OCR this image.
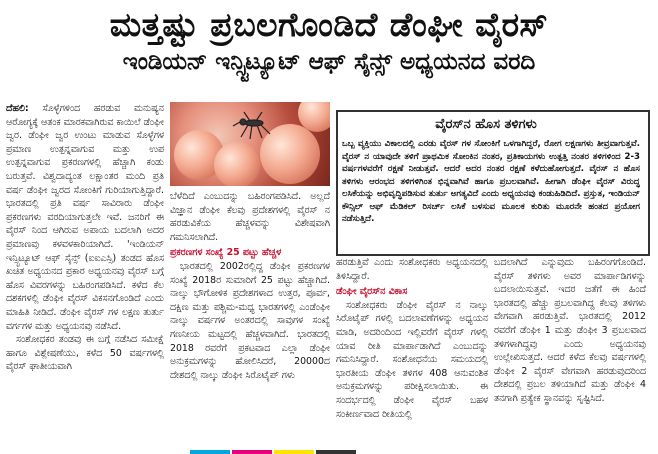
ಮತ್ತಷ್ಟು ಪ್ರಬಲಗೊಂಡಿದೆ ಡೆಂಘೀ ವೈರಸ್
ಇಂಡಿಯನ್ ಇನ್ಸ್ಟಿಟ್ಯೂಟ್ ಆಫ್ ಸೈನ್ಸ್ ಅಧ್ಯಯನದ ವರದಿ

ದೆಹಲಿ: ಸೊಳ್ಳೆಗಳಿಂದ ಹರಡುವ ಮನುಷ್ಯನ ಆರೋಗ್ಯಕ್ಕೆ ಆತಂಕ ಮಾರಕವಾಗಿರುವ ಕಾಯಿಲೆ ಡೆಂಘೀ ಜ್ವರ. ಡೆಂಘೀ ಜ್ವರ ಉಂಟು ಮಾಡುವ ಸೊಳ್ಳೆಗಳ ಪ್ರಮಾಣ ಉತ್ಪನ್ನವಾಗುವ ಮತ್ತು ಉಪ ಉತ್ಪನ್ನವಾಗುವ ಪ್ರಕರಣಗಳಲ್ಲಿ ಹೆಚ್ಚಾಗಿ ಕಂಡು ಬರುತ್ತವೆ. ವಿಶ್ವದಾದ್ಯಂತ ಲಕ್ಷಾಂತರ ಮಂದಿ ಪ್ರತಿ ವರ್ಷ ಡೆಂಘೀ ಜ್ವರದ ಸೋಂಕಿಗೆ ಗುರಿಯಾಗುತ್ತಿದ್ದಾರೆ. ಭಾರತದಲ್ಲಿ ಪ್ರತಿ ವರ್ಷ ಸಾವಿರಾರು ಡೆಂಘೀ ಪ್ರಕರಣಗಳು ವರದಿಯಾಗುತ್ತಲೇ ಇವೆ. ಜನರಿಗೆ ಈ ವೈರಸ್ ನಿಂದ ಆಗಿರುವ ಅಪಾಯ ಬದಲಾಗಿ ಅದರ ಪ್ರಮಾಣವು ಕಳವಳಕಾರಿಯಾಗಿದೆ. 'ಇಂಡಿಯನ್ ಇನ್ಸ್ಟಿಟ್ಯೂಟ್ ಆಫ್ ಸೈನ್ಸ್ (ಐಐಎಸ್ಸಿ) ತಂಡದ ಹೊಸ ಖಚಿತ ಅಧ್ಯಯನದ ಪ್ರಕಾರ ಅಧ್ಯಯನವು ವೈರಸ್ ಬಗ್ಗೆ ಹೊಸ ವಿವರಗಳನ್ನು ಬಹಿರಂಗಪಡಿಸಿದೆ. ಕಳೆದ ಕೆಲ ದಶಕಗಳಲ್ಲಿ ಡೆಂಘೀ ವೈರಸ್ ವಿಕಸನಗೊಂಡಿದೆ ಎಂದು ಮಾಹಿತಿ ನೀಡಿದೆ. ಡೆಂಘೀ ವೈರಸ್ ಗಳ ಲಕ್ಷಣ ತುರ್ತು ವರ್ಗಗಳ ಮತ್ತು ಅಧ್ಯಯನವು ನಡೆಸಿದೆ.

ಸಂಶೋಧಕರ ತಂಡವು ಈ ಬಗ್ಗೆ ನಡೆಸಿದ ಸಮೀಕ್ಷೆ ಹಾಗೂ ವಿಶ್ಲೇಷಣೆಯು, ಕಳೆದ 50 ವರ್ಷಗಳಲ್ಲಿ ವೈರಸ್ ಘಾತೀಯವಾಗಿ

ಬೆಳೆದಿದೆ ಎಂಬುದನ್ನು ಬಹಿರಂಗಪಡಿಸಿದೆ. ಅಲ್ಲದೆ ವಿಜ್ಞಾನ ಡೆಂಘೀ ಕೆಲವು ಪ್ರದೇಶಗಳಲ್ಲಿ ವೈರಸ್ ನ ಹರಡುವಿಕೆಯ ಹೆಚ್ಚಳವನ್ನು ವಿಶೇಷವಾಗಿ ಗಮನಿಸಲಾಗಿದೆ.

ಪ್ರಕರಣಗಳ ಸಂಖ್ಯೆ 25 ಪಟ್ಟು ಹೆಚ್ಚಳ

ಭಾರತದಲ್ಲಿ 2002ರಲ್ಲಿದ್ದ ಡೆಂಘೀ ಪ್ರಕರಣಗಳ ಸಂಖ್ಯೆ 2018ರ ಸುಮಾರಿಗೆ 25 ಪಟ್ಟು ಹೆಚ್ಚಾಗಿದೆ. ನಾಲ್ಕು ಭೌಗೋಳಿಕ ಪ್ರದೇಶಗಳಾದ ಉತ್ತರ, ಪೂರ್ವ, ದಕ್ಷಿಣ ಮತ್ತು ಪಶ್ಚಿಮ-ಮಧ್ಯ ಭಾರತಗಳಲ್ಲಿ ಎಂಡೆಂಘೀ ನಾಲ್ಕು ವರ್ಷಗಳ ಅಂತರದಲ್ಲಿ ಸಾವುಗಳ ಸಂಖ್ಯೆ ಗಣನೀಯ ಮಟ್ಟದಲ್ಲಿ ಹೆಚ್ಚಳವಾಗಿದೆ. ಭಾರತದಲ್ಲಿ 2018 ರವರೆಗೆ ಪ್ರಕಟವಾದ ಎಲ್ಲಾ ಡೆಂಘೀ ಅನುಕ್ರಮಗಳನ್ನು ಹೋಲಿಸಿದರೆ, 20000ದ ದೇಶದಲ್ಲಿ ನಾಲ್ಕು ಡೆಂಘೀ ಸಿರೊಟೈಪ್ ಗಳು

ವೈರಸ್‌ನ ಹೊಸ ತಳಿಗಳು
ಒಬ್ಬ ವ್ಯಕ್ತಿಯು ವಿಕಾಲದಲ್ಲಿ ಎರಡು ವೈರಸ್ ಗಳ ಸೋಂಕಿಗೆ ಒಳಗಾಗಿದ್ದರೆ, ರೋಗ ಲಕ್ಷಣಗಳು ತೀವ್ರವಾಗುತ್ತವೆ. ವೈರಸ್ ನ ಯಾವುದೇ ತಳಿಗೆ ಪ್ರಾಥಮಿಕ ಸೋಂಕಿನ ನಂತರ, ಪ್ರತಿಕಾಯಗಳು ಉತ್ಪತ್ತಿ ನಂತರ ತಳಿಗಳಿಂದ 2-3 ವರ್ಷಗಳವರೆಗೆ ರಕ್ಷಣೆ ನೀಡುತ್ತವೆ. ಆದರೆ ಅದರ ನಂತರ ರಕ್ಷಣೆ ಕಳೆದುಹೋಗುತ್ತದೆ. ವೈರಸ್ ನ ಹೊಸ ತಳಿಗಳು ಆರಂಭದ ತಳಿಗಳಿಗಿಂತ ಭಿನ್ನವಾಗಿವೆ ಹಾಗೂ ಪ್ರಬಲವಾಗಿವೆ. ಹೀಗಾಗಿ ಡೆಂಘೀ ವೈರಸ್ ವಿರುದ್ಧ ಲಸಿಕೆಯನ್ನು ಅಭಿವೃದ್ಧಿಪಡಿಸುವ ತುರ್ತು ಅಗತ್ಯವಿದೆ ಎಂದು ಅಧ್ಯಯನವು ಕಂಡುಹಿಡಿದಿದೆ. ಪ್ರಸ್ತುತ, ಇಂಡಿಯನ್ ಕೌನ್ಸಿಲ್ ಆಫ್ ಮೆಡಿಕಲ್ ರಿಸರ್ಚ್ ಲಸಿಕೆ ಬಳಸುವ ಮೂಲಕ ಕುರಿತು ಮೂರನೇ ಹಂತದ ಪ್ರಯೋಗ ನಡೆಸುತ್ತಿದೆ.

ಹರಡುತ್ತಿವೆ ಎಂದು ಸಂಶೋಧಕರು ಅಧ್ಯಯನದಲ್ಲಿ ತಿಳಿಸಿದ್ದಾರೆ.

ಡೆಂಘೀ ವೈರಸ್‌ನ ವಿಕಾಸ

ಸಂಶೋಧಕರು ಡೆಂಘೀ ವೈರಸ್ ನ ನಾಲ್ಕು ಸಿರೊಟೈಪ್ ಗಳಲ್ಲಿ ಬದಲಾವಣೆಗಳನ್ನು ಅಧ್ಯಯನ ಮಾಡಿ, ಅದರಿಂದಿಂದ ಇಲ್ಲಿವರೆಗೆ ವೈರಸ್ ಗಳಲ್ಲಿ ಯಾವ ರೀತಿ ಮಾರ್ಪಾಡಾಗಿದೆ ಎಂಬುದನ್ನು ಗಮನಿಸಿದ್ದಾರೆ. ಸಂಶೋಧನೆಯ ಸಮಯದಲ್ಲಿ ಭಾರತೀಯ ಡೆಂಘೀ ತಳಿಗಳ 408 ಆನುವಂಶಿಕ ಅನುಕ್ರಮಗಳನ್ನು ಪರೀಕ್ಷಿಸಲಾಯಿತು. ಈ ಸಂದರ್ಭದಲ್ಲಿ ಡೆಂಘೀ ವೈರಸ್ ಬಹಳ ಸಂಕೀರ್ಣವಾದ ರೀತಿಯಲ್ಲಿ

ಬದಲಾಗಿದೆ ಎನ್ನುವುದು ಬಹಿರಂಗಗೊಂಡಿದೆ. ವೈರಸ್ ತಳಿಗಳು ಅವರ ಮಾರ್ಪಾಡಿಗಳನ್ನು ಬದಲಾಯಿಸುತ್ತವೆ. ಇದರ ಜತೆಗೆ ಈ ಹಿಂದೆ ಭಾರತದಲ್ಲಿ ಹೆಚ್ಚು ಪ್ರಬಲವಾಗಿದ್ದ ಕೆಲವು ತಳಿಗಳು ವೇಗವಾಗಿ ಹರಡುತ್ತಿವೆ. ಭಾರತದಲ್ಲಿ 2012 ರವರೆಗೆ ಡೆಂಘೀ 1 ಮತ್ತು ಡೆಂಘೀ 3 ಪ್ರಬಲವಾದ ತಳಿಗಳಾಗಿದ್ದವು ಎಂದು ಅಧ್ಯಯನವು ಉಲ್ಲೇಖಿಸುತ್ತದೆ. ಆದರೆ ಕಳೆದ ಕೆಲವು ವರ್ಷಗಳಲ್ಲಿ ಡೆಂಘೀ 2 ವೈರಸ್ ವೇಗವಾಗಿ ಹರಡುವುದರಿಂದ ದೇಶದಲ್ಲಿ ಪ್ರಬಲ ತಳಿಯಾಗಿದೆ ಮತ್ತು ಡೆಂಘೀ 4 ತನಗಾಗಿ ಪ್ರತ್ಯೇಕ ಸ್ಥಾನವನ್ನು ಸೃಷ್ಟಿಸಿದೆ.
